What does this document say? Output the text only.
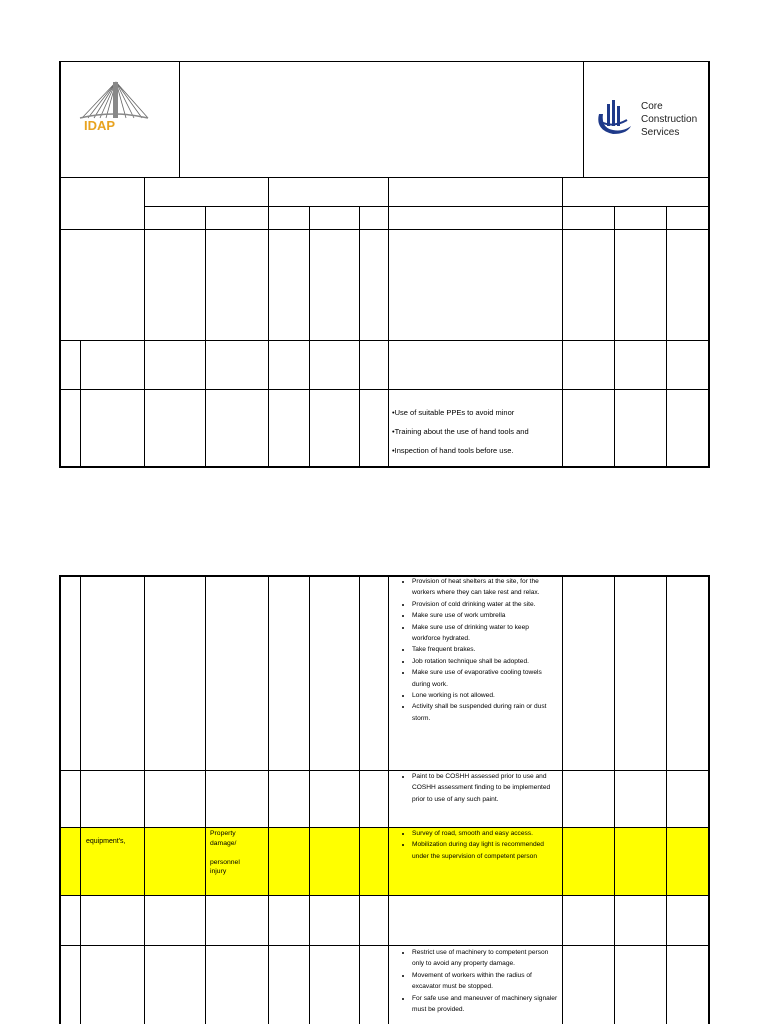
IDAP
Core
Construction
Services
•Use of suitable PPEs to avoid minor
•Training about the use of hand tools and
•Inspection of hand tools before use.
• Provision of heat shelters at the site, for the workers where they can take rest and relax.
• Provision of cold drinking water at the site.
• Make sure use of work umbrella
• Make sure use of drinking water to keep workforce hydrated.
• Take frequent brakes.
• Job rotation technique shall be adopted.
• Make sure use of evaporative cooling towels during work.
• Lone working is not allowed.
• Activity shall be suspended during rain or dust storm.
• Paint to be COSHH assessed prior to use and COSHH assessment finding to be implemented prior to use of any such paint.
equipment's,
Property
damage/
personnel
injury
• Survey of road, smooth and easy access.
• Mobilization during day light is recommended under the supervision of competent person
• Restrict use of machinery to competent person only to avoid any property damage.
• Movement of workers within the radius of excavator must be stopped.
• For safe use and maneuver of machinery signaler must be provided.
